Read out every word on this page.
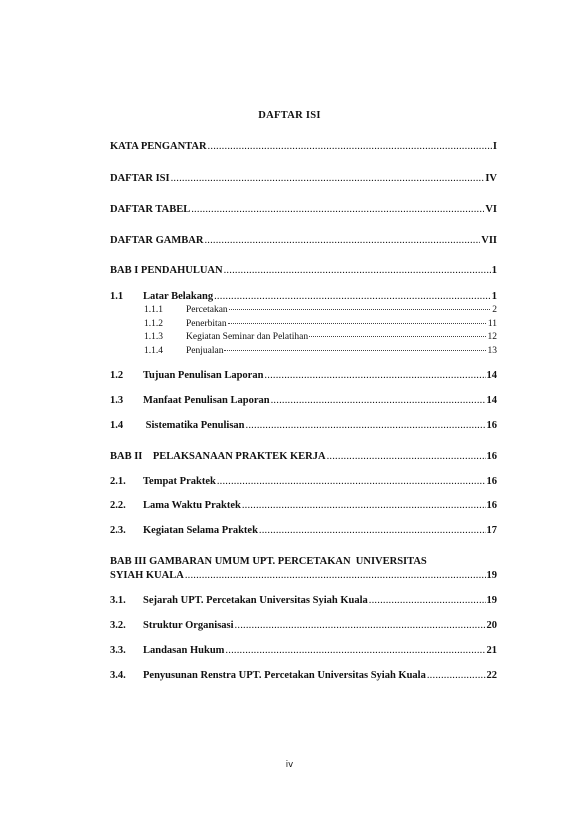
DAFTAR ISI
KATA PENGANTAR .....	I
DAFTAR ISI .....	IV
DAFTAR TABEL .....	VI
DAFTAR GAMBAR .....	VII
BAB I PENDAHULUAN .....	1
1.1 Latar Belakang .....	1
1.1.1	Percetakan	2
1.1.2	Penerbitan	11
1.1.3	Kegiatan Seminar dan Pelatihan	12
1.1.4	Penjualan	13
1.2 Tujuan Penulisan Laporan .....	14
1.3 Manfaat Penulisan Laporan .....	14
1.4 Sistematika Penulisan .....	16
BAB II    PELAKSANAAN PRAKTEK KERJA .....	16
2.1. Tempat Praktek .....	16
2.2. Lama Waktu Praktek .....	16
2.3. Kegiatan Selama Praktek .....	17
BAB III GAMBARAN UMUM UPT. PERCETAKAN  UNIVERSITAS
SYIAH KUALA .....	19
3.1. Sejarah UPT. Percetakan Universitas Syiah Kuala .....	19
3.2. Struktur Organisasi .....	20
3.3. Landasan Hukum .....	21
3.4. Penyusunan Renstra UPT. Percetakan Universitas Syiah Kuala .....	22
iv
